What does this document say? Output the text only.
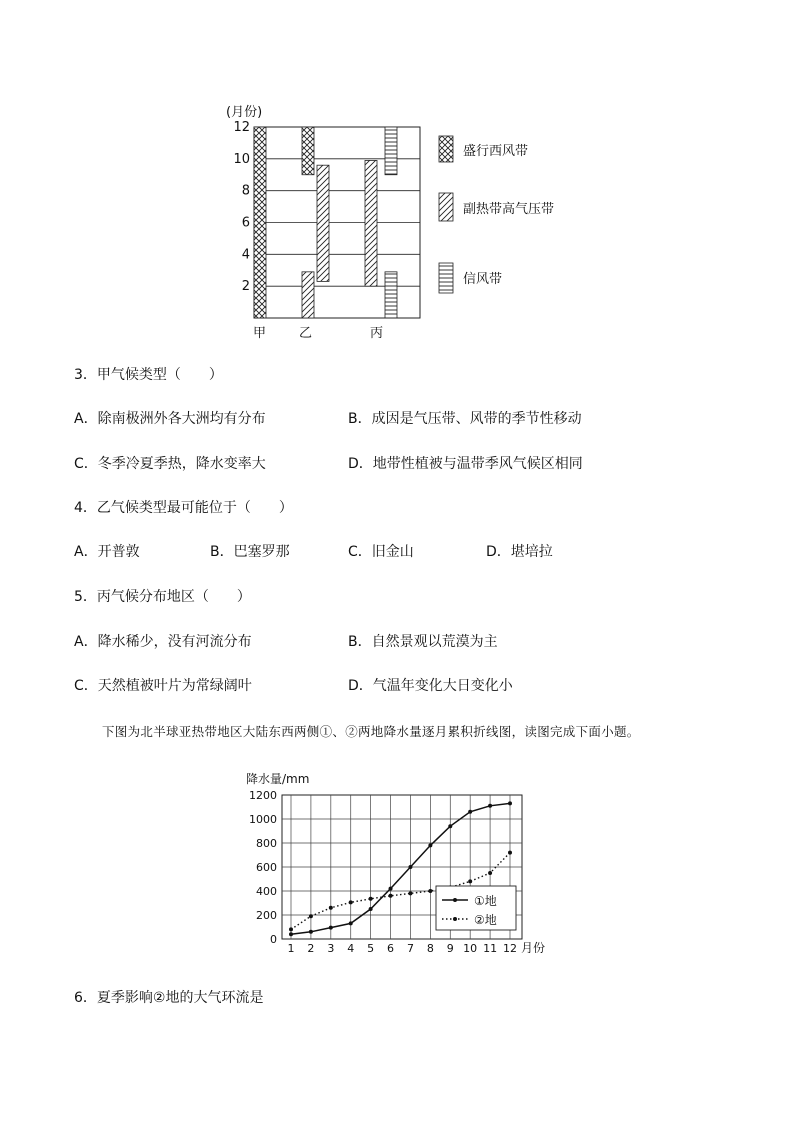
(月份)
12
10
8
6
4
2
甲	乙	丙
盛行西风带
副热带高气压带
信风带
3．甲气候类型（　　）
A．除南极洲外各大洲均有分布	B．成因是气压带、风带的季节性移动
C．冬季冷夏季热，降水变率大	D．地带性植被与温带季风气候区相同
4．乙气候类型最可能位于（　　）
A．开普敦	B．巴塞罗那	C．旧金山	D．堪培拉
5．丙气候分布地区（　　）
A．降水稀少，没有河流分布	B．自然景观以荒漠为主
C．天然植被叶片为常绿阔叶	D．气温年变化大日变化小
下图为北半球亚热带地区大陆东西两侧①、②两地降水量逐月累积折线图，读图完成下面小题。
降水量/mm
0
200
400
600
800
1000
1200
1 2 3 4 5 6 7 8 9 10 11 12 月份
①地
②地
6．夏季影响②地的大气环流是
